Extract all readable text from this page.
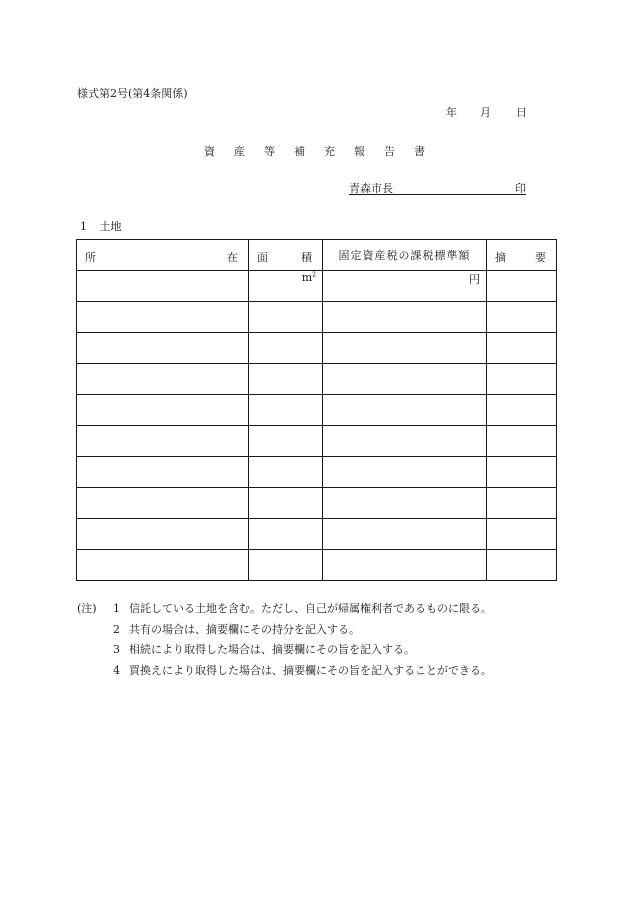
様式第2号(第4条関係)
年 月 日
資 産 等 補 充 報 告 書
青森市長	印
1 土地
所 在	面 積	固定資産税の課税標準額	摘 要

	$m^2$	円	

(注) 1 信託している土地を含む。ただし、自己が帰属権利者であるものに限る。
2 共有の場合は、摘要欄にその持分を記入する。
3 相続により取得した場合は、摘要欄にその旨を記入する。
4 買換えにより取得した場合は、摘要欄にその旨を記入することができる。
